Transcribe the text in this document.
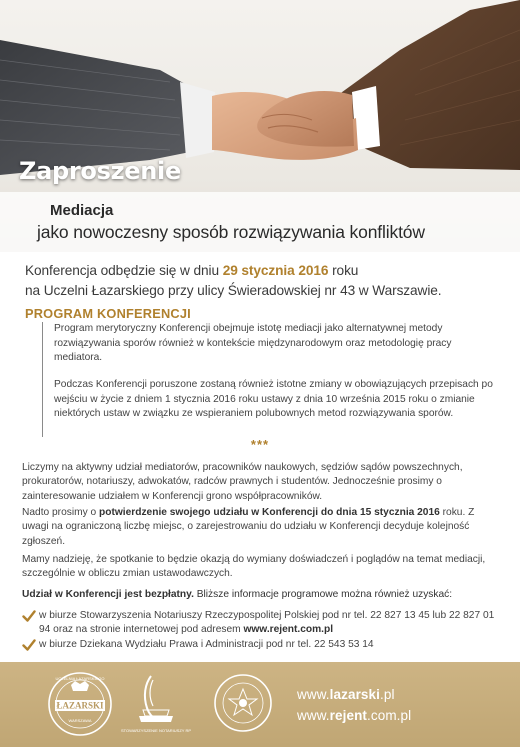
Zaproszenie
Mediacja
jako nowoczesny sposób rozwiązywania konfliktów

Konferencja odbędzie się w dniu 29 stycznia 2016 roku
na Uczelni Łazarskiego przy ulicy Świeradowskiej nr 43 w Warszawie.

PROGRAM KONFERENCJI

Program merytoryczny Konferencji obejmuje istotę mediacji jako alternatywnej metody rozwiązywania sporów również w kontekście międzynarodowym oraz metodologię pracy mediatora.

Podczas Konferencji poruszone zostaną również istotne zmiany w obowiązujących przepisach po wejściu w życie z dniem 1 stycznia 2016 roku ustawy z dnia 10 września 2015 roku o zmianie niektórych ustaw w związku ze wspieraniem polubownych metod rozwiązywania sporów.

***

Liczymy na aktywny udział mediatorów, pracowników naukowych, sędziów sądów powszechnych, prokuratorów, notariuszy, adwokatów, radców prawnych i studentów. Jednocześnie prosimy o zainteresowanie udziałem w Konferencji grono współpracowników.

Nadto prosimy o potwierdzenie swojego udziału w Konferencji do dnia 15 stycznia 2016 roku. Z uwagi na ograniczoną liczbę miejsc, o zarejestrowaniu do udziału w Konferencji decyduje kolejność zgłoszeń.

Mamy nadzieję, że spotkanie to będzie okazją do wymiany doświadczeń i poglądów na temat mediacji, szczególnie w obliczu zmian ustawodawczych.

Udział w Konferencji jest bezpłatny. Bliższe informacje programowe można również uzyskać:

w biurze Stowarzyszenia Notariuszy Rzeczypospolitej Polskiej pod nr tel. 22 827 13 45 lub 22 827 01 94 oraz na stronie internetowej pod adresem www.rejent.com.pl

w biurze Dziekana Wydziału Prawa i Administracji pod nr tel. 22 543 53 14

ŁAZARSKI
UCZELNIA ŁAZARSKIEGO
WARSZAWA
STOWARZYSZENIE NOTARIUSZY RP
www.lazarski.pl
www.rejent.com.pl
